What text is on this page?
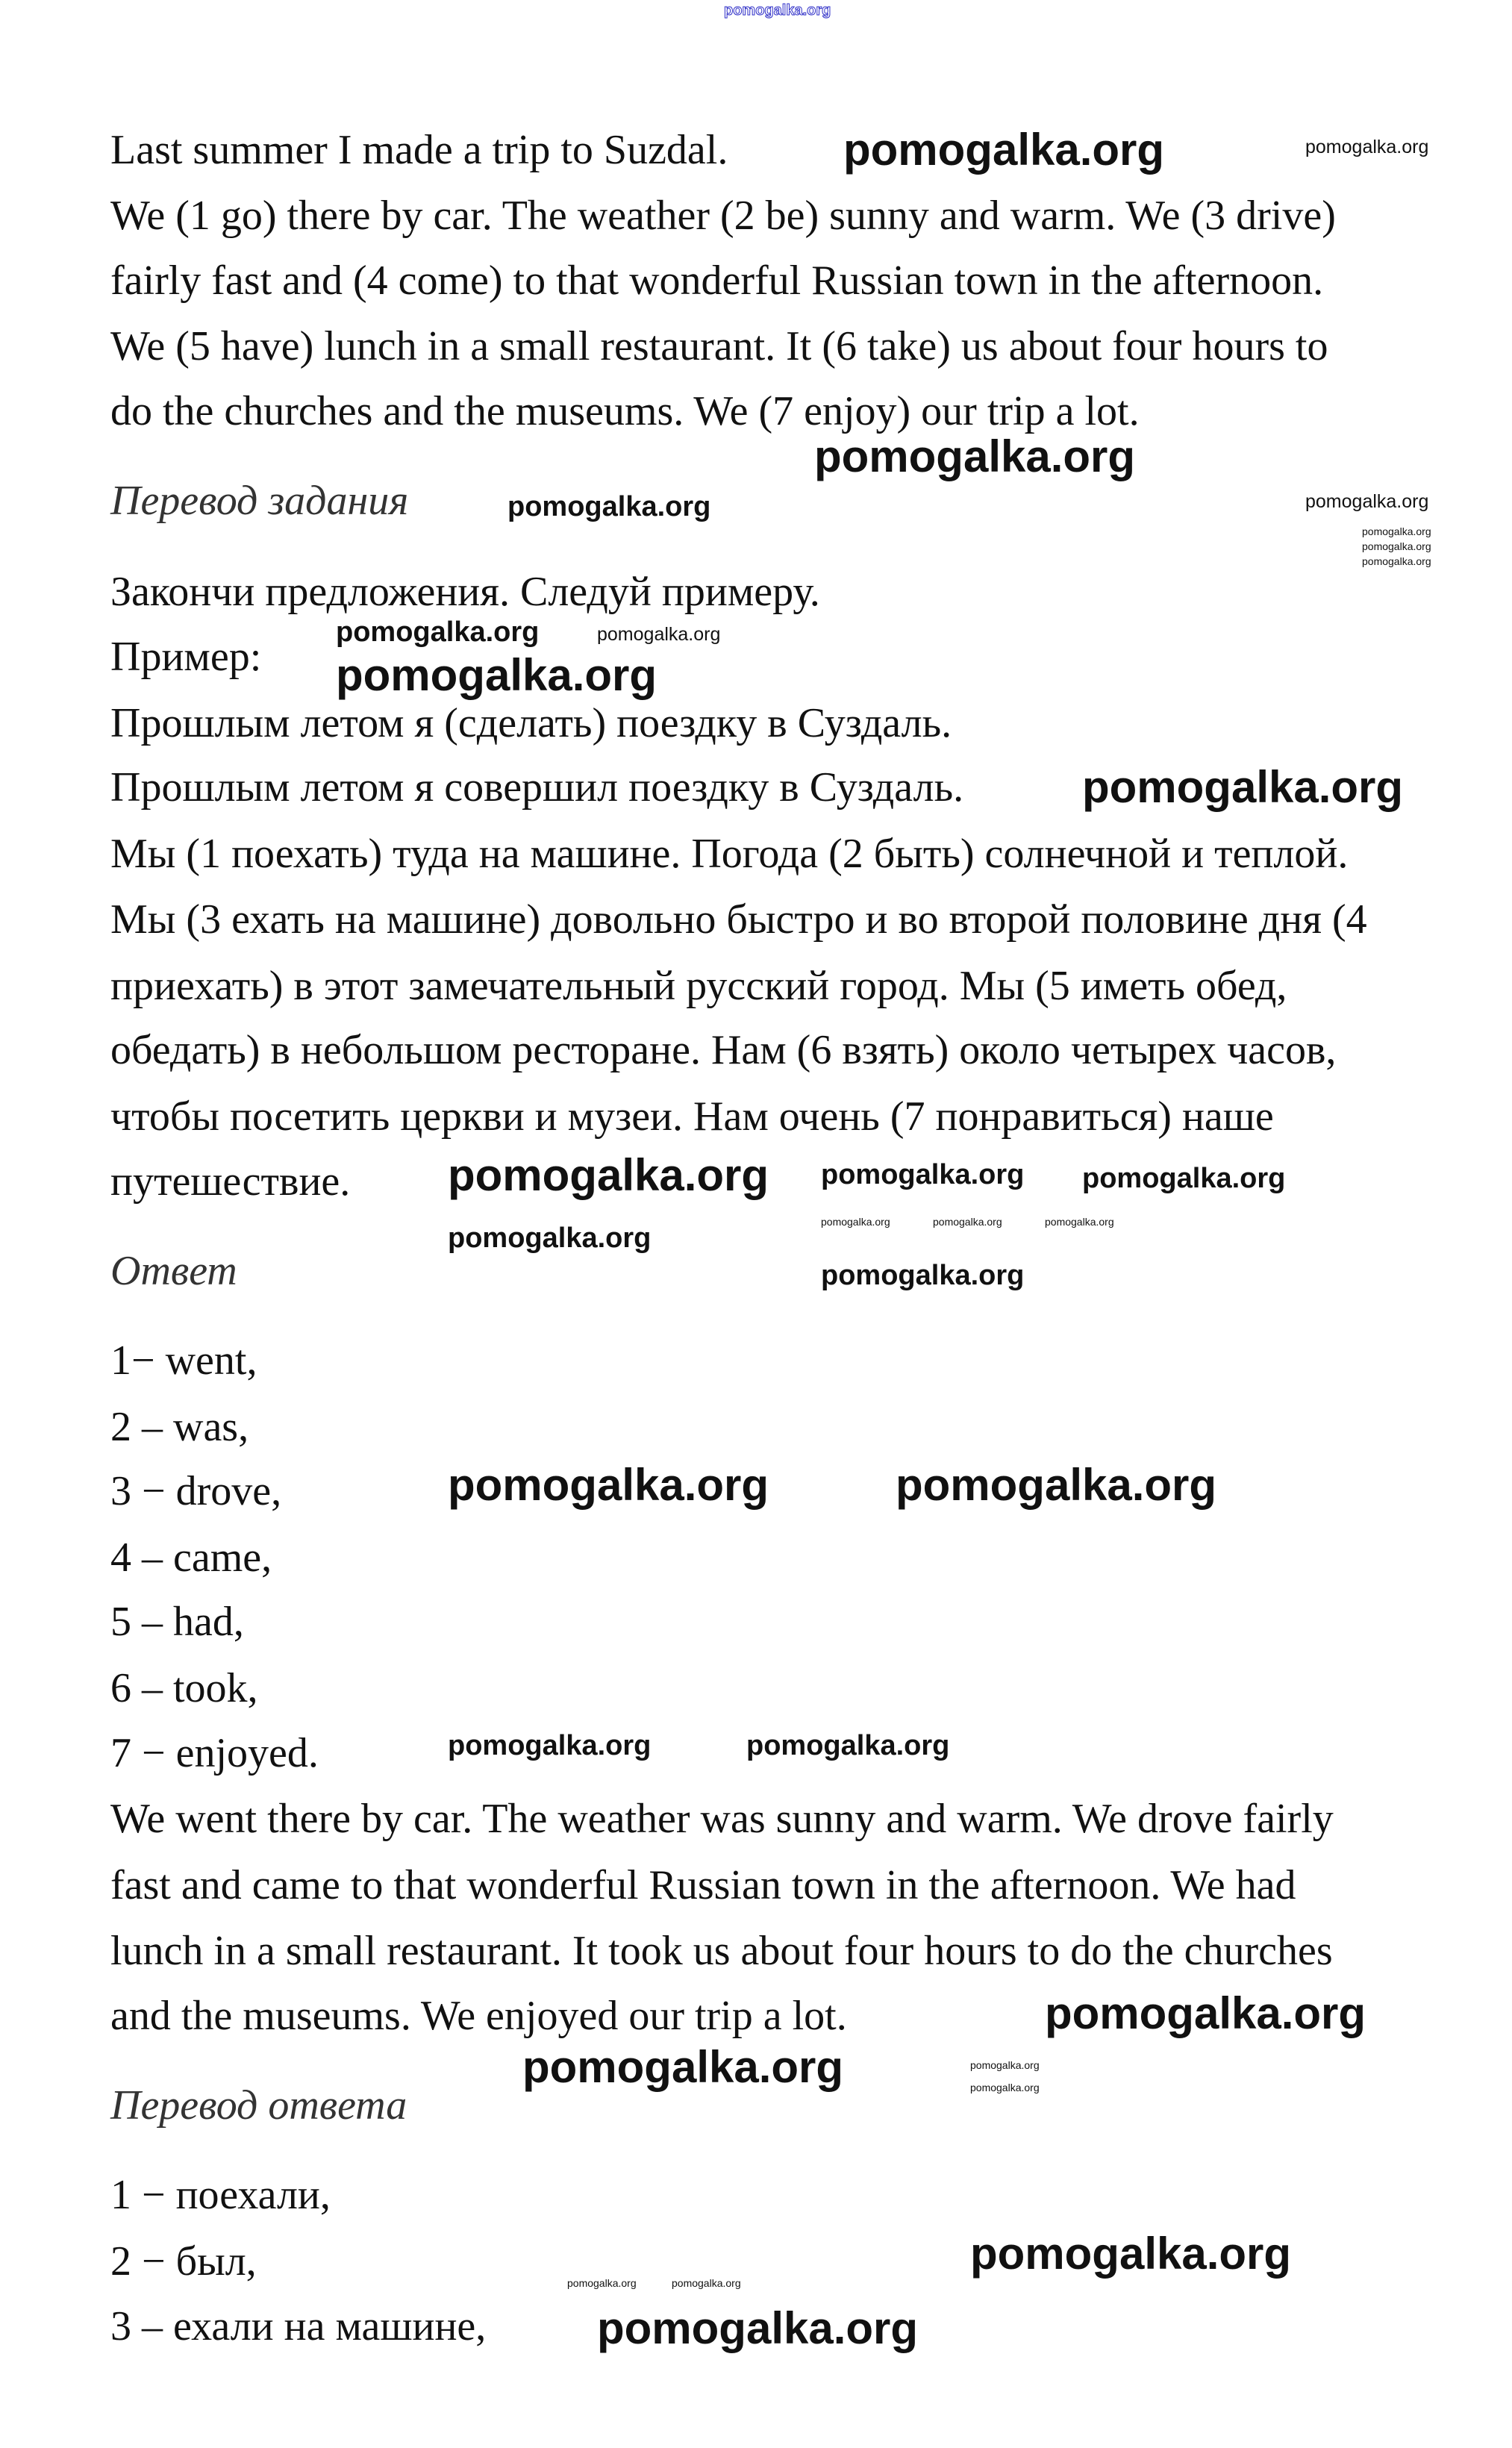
Last summer I made a trip to Suzdal.
We (1 go) there by car. The weather (2 be) sunny and warm. We (3 drive)
fairly fast and (4 come) to that wonderful Russian town in the afternoon.
We (5 have) lunch in a small restaurant. It (6 take) us about four hours to
do the churches and the museums. We (7 enjoy) our trip a lot.
Перевод задания
Закончи предложения. Следуй примеру.
Пример:
Прошлым летом я (сделать) поездку в Суздаль.
Прошлым летом я совершил поездку в Суздаль.
Мы (1 поехать) туда на машине. Погода (2 быть) солнечной и теплой.
Мы (3 ехать на машине) довольно быстро и во второй половине дня (4
приехать) в этот замечательный русский город. Мы (5 иметь обед,
обедать) в небольшом ресторане. Нам (6 взять) около четырех часов,
чтобы посетить церкви и музеи. Нам очень (7 понравиться) наше
путешествие.
Ответ
1− went,
2 – was,
3 − drove,
4 – came,
5 – had,
6 – took,
7 − enjoyed.
We went there by car. The weather was sunny and warm. We drove fairly
fast and came to that wonderful Russian town in the afternoon. We had
lunch in a small restaurant. It took us about four hours to do the churches
and the museums. We enjoyed our trip a lot.
Перевод ответа
1 − поехали,
2 − был,
3 – ехали на машине,
pomogalka.org
pomogalka.org	pomogalka.org
pomogalka.org
pomogalka.org	pomogalka.org
pomogalka.org
pomogalka.org
pomogalka.org
pomogalka.org	pomogalka.org
pomogalka.org
pomogalka.org
pomogalka.org pomogalka.org pomogalka.org
pomogalka.org
pomogalka.org	pomogalka.org	pomogalka.org
pomogalka.org
pomogalka.org	pomogalka.org
pomogalka.org	pomogalka.org
pomogalka.org
pomogalka.org	pomogalka.org
pomogalka.org
pomogalka.org
pomogalka.org	pomogalka.org
pomogalka.org
